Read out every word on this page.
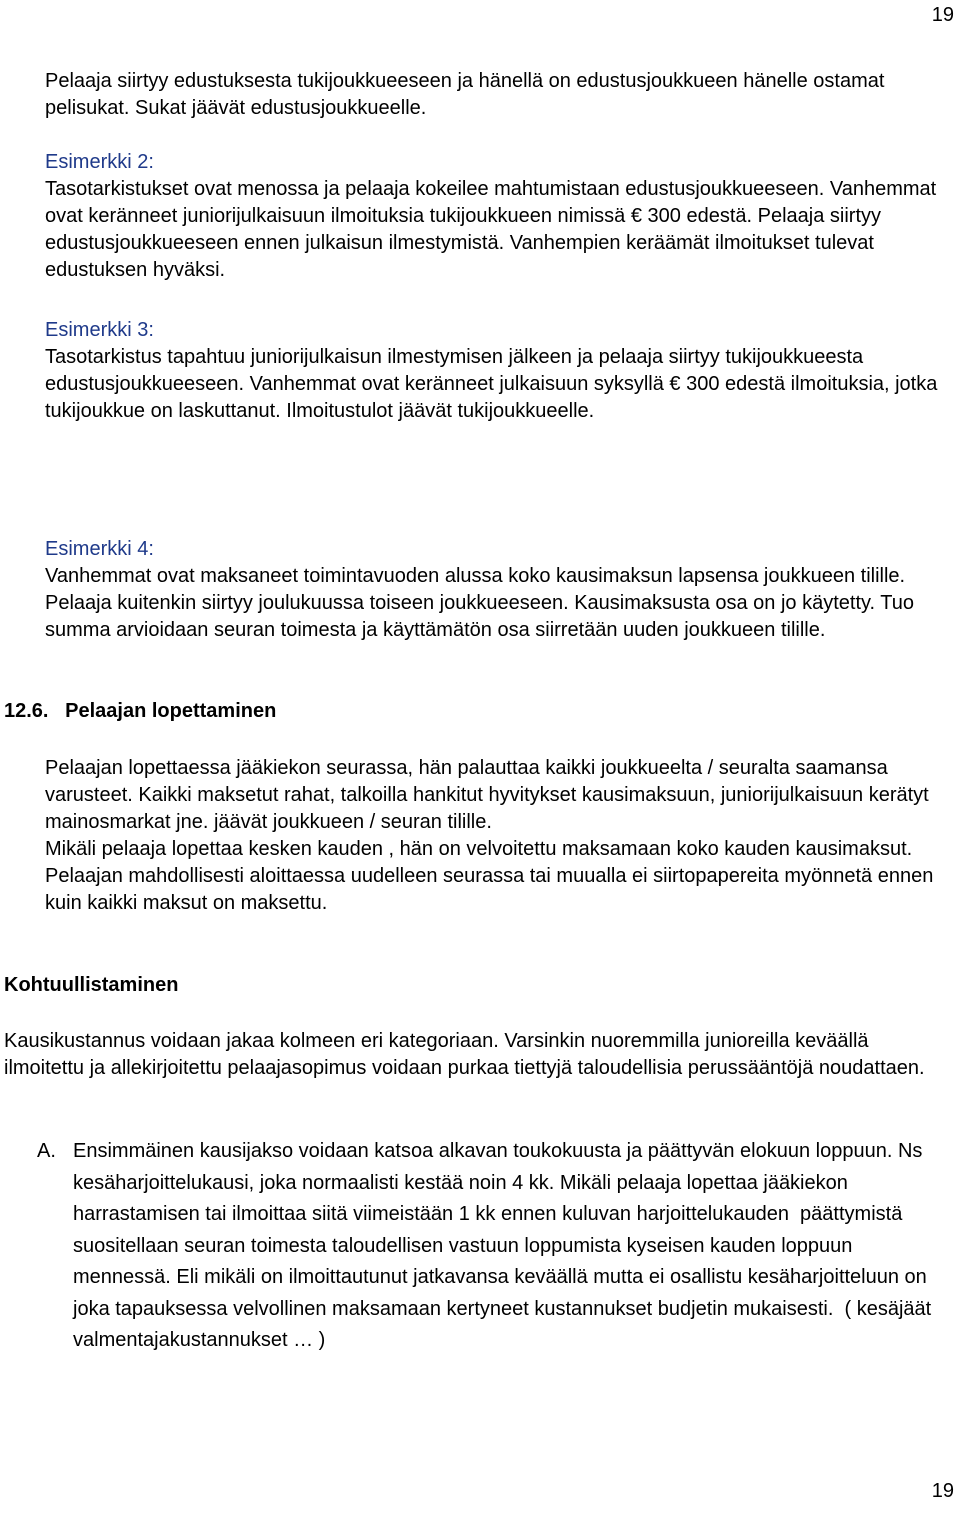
19

Pelaaja siirtyy edustuksesta tukijoukkueeseen ja hänellä on edustusjoukkueen hänelle ostamat pelisukat. Sukat jäävät edustusjoukkueelle.

Esimerkki 2:

Tasotarkistukset ovat menossa ja pelaaja kokeilee mahtumistaan edustusjoukkueeseen. Vanhemmat ovat keränneet juniorijulkaisuun ilmoituksia tukijoukkueen nimissä € 300 edestä. Pelaaja siirtyy edustusjoukkueeseen ennen julkaisun ilmestymistä. Vanhempien keräämät ilmoitukset tulevat edustuksen hyväksi.

Esimerkki 3:

Tasotarkistus tapahtuu juniorijulkaisun ilmestymisen jälkeen ja pelaaja siirtyy tukijoukkueesta edustusjoukkueeseen. Vanhemmat ovat keränneet julkaisuun syksyllä € 300 edestä ilmoituksia, jotka tukijoukkue on laskuttanut. Ilmoitustulot jäävät tukijoukkueelle.

Esimerkki 4:

Vanhemmat ovat maksaneet toimintavuoden alussa koko kausimaksun lapsensa joukkueen tilille. Pelaaja kuitenkin siirtyy joulukuussa toiseen joukkueeseen. Kausimaksusta osa on jo käytetty. Tuo summa arvioidaan seuran toimesta ja käyttämätön osa siirretään uuden joukkueen tilille.

12.6.   Pelaajan lopettaminen

Pelaajan lopettaessa jääkiekon seurassa, hän palauttaa kaikki joukkueelta / seuralta saamansa varusteet. Kaikki maksetut rahat, talkoilla hankitut hyvitykset kausimaksuun, juniorijulkaisuun kerätyt mainosmarkat jne. jäävät joukkueen / seuran tilille.

Mikäli pelaaja lopettaa kesken kauden , hän on velvoitettu maksamaan koko kauden kausimaksut. Pelaajan mahdollisesti aloittaessa uudelleen seurassa tai muualla ei siirtopapereita myönnetä ennen kuin kaikki maksut on maksettu.

Kohtuullistaminen

Kausikustannus voidaan jakaa kolmeen eri kategoriaan. Varsinkin nuoremmilla junioreilla keväällä ilmoitettu ja allekirjoitettu pelaajasopimus voidaan purkaa tiettyjä taloudellisia perussääntöjä noudattaen.

A. Ensimmäinen kausijakso voidaan katsoa alkavan toukokuusta ja päättyvän elokuun loppuun. Ns kesäharjoittelukausi, joka normaalisti kestää noin 4 kk. Mikäli pelaaja lopettaa jääkiekon harrastamisen tai ilmoittaa siitä viimeistään 1 kk ennen kuluvan harjoittelukauden  päättymistä  suositellaan seuran toimesta taloudellisen vastuun loppumista kyseisen kauden loppuun mennessä. Eli mikäli on ilmoittautunut jatkavansa keväällä mutta ei osallistu kesäharjoitteluun on joka tapauksessa velvollinen maksamaan kertyneet kustannukset budjetin mukaisesti.  ( kesäjäät valmentajakustannukset … )
19
